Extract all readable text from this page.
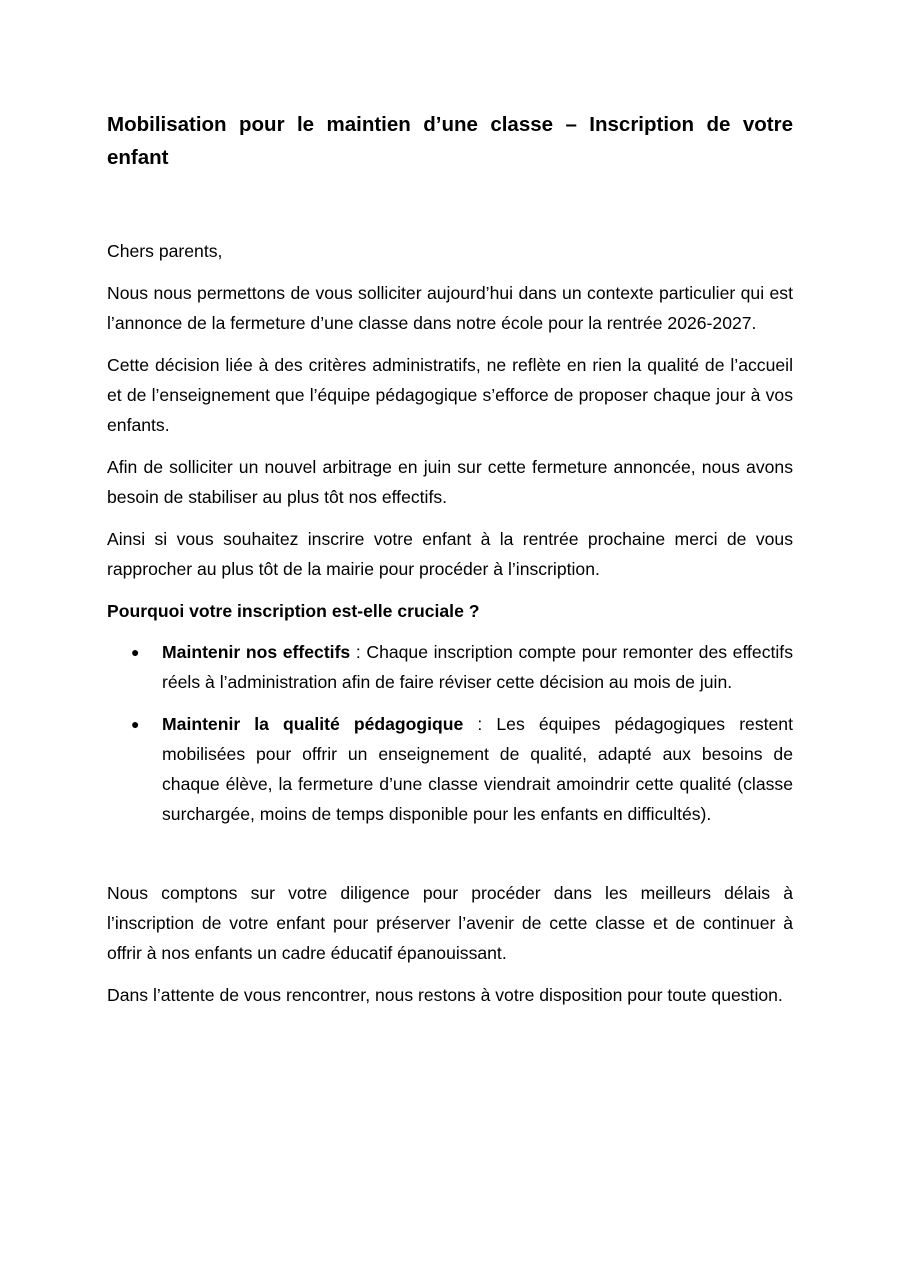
Mobilisation pour le maintien d’une classe – Inscription de votre enfant

Chers parents,

Nous nous permettons de vous solliciter aujourd’hui dans un contexte particulier qui est l’annonce de la fermeture d’une classe dans notre école pour la rentrée 2026-2027.

Cette décision liée à des critères administratifs, ne reflète en rien la qualité de l’accueil et de l’enseignement que l’équipe pédagogique s’efforce de proposer chaque jour à vos enfants.

Afin de solliciter un nouvel arbitrage en juin sur cette fermeture annoncée, nous avons besoin de stabiliser au plus tôt nos effectifs.

Ainsi si vous souhaitez inscrire votre enfant à la rentrée prochaine merci de vous rapprocher au plus tôt de la mairie pour procéder à l’inscription.

Pourquoi votre inscription est-elle cruciale ?

● Maintenir nos effectifs : Chaque inscription compte pour remonter des effectifs réels à l’administration afin de faire réviser cette décision au mois de juin.
● Maintenir la qualité pédagogique : Les équipes pédagogiques restent mobilisées pour offrir un enseignement de qualité, adapté aux besoins de chaque élève, la fermeture d’une classe viendrait amoindrir cette qualité (classe surchargée, moins de temps disponible pour les enfants en difficultés).

Nous comptons sur votre diligence pour procéder dans les meilleurs délais à l’inscription de votre enfant pour préserver l’avenir de cette classe et de continuer à offrir à nos enfants un cadre éducatif épanouissant.

Dans l’attente de vous rencontrer, nous restons à votre disposition pour toute question.
